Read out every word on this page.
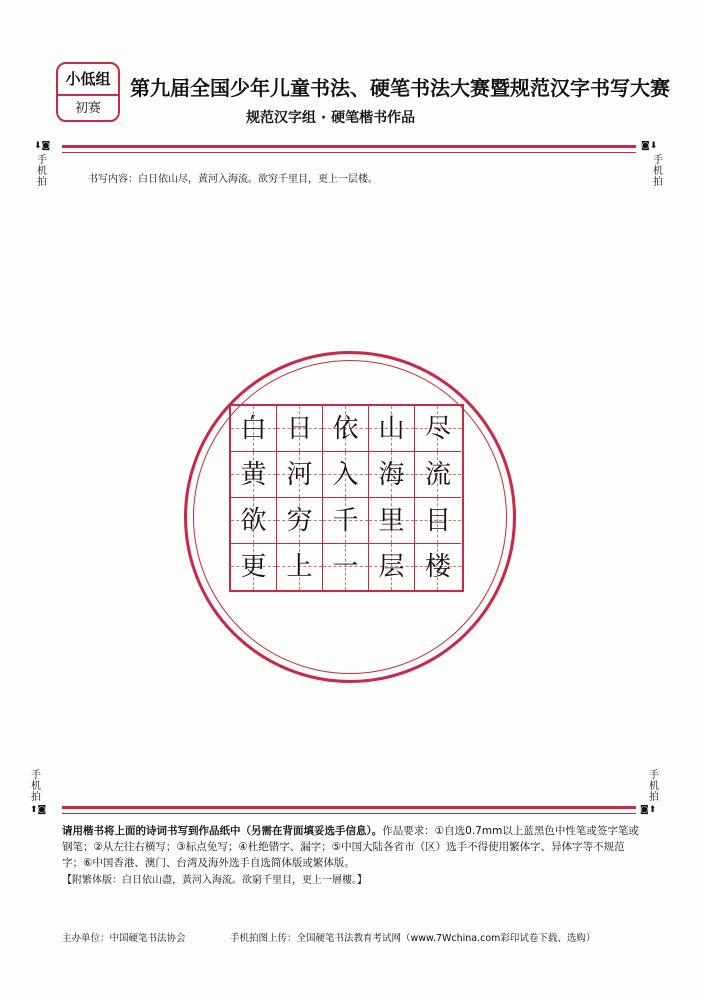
小低组
初赛
第九届全国少年儿童书法、硬笔书法大赛暨规范汉字书写大赛
规范汉字组 · 硬笔楷书作品
⬇◙
手
机
拍
◙⬇
手
机
拍
书写内容：白日依山尽，黄河入海流。欲穷千里目，更上一层楼。
白 日 依 山 尽
黄 河 入 海 流
欲 穷 千 里 目
更 上 一 层 楼
手
机
拍
⬆◙
手
机
拍
◙⬆
请用楷书将上面的诗词书写到作品纸中（另需在背面填妥选手信息）。作品要求：①自选0.7mm以上蓝黑色中性笔或签字笔或钢笔；②从左往右横写；③标点免写；④杜绝错字、漏字；⑤中国大陆各省市（区）选手不得使用繁体字、异体字等不规范字；⑥中国香港、澳门、台湾及海外选手自选简体版或繁体版。
【附繁体版：白日依山盡，黃河入海流。欲窮千里目，更上一層樓。】
主办单位：中国硬笔书法协会	手机拍图上传：全国硬笔书法教育考试网（www.7Wchina.com彩印试卷下载、选购）
